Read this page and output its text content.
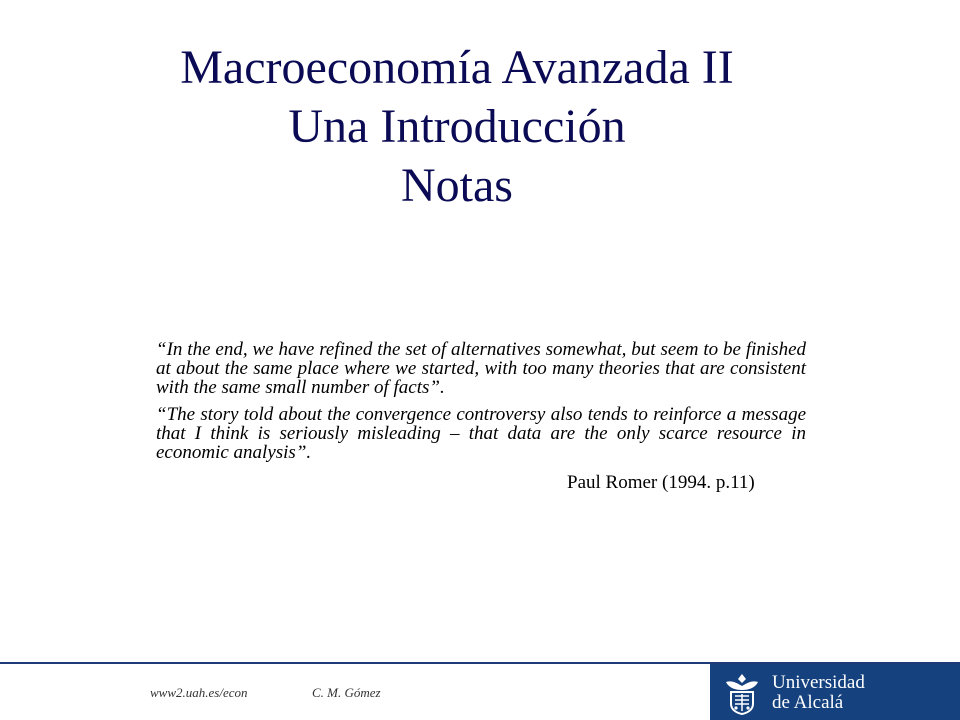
Macroeconomía Avanzada II
Una Introducción
Notas

“In the end, we have refined the set of alternatives somewhat, but seem to be finished at about the same place where we started, with too many theories that are consistent with the same small number of facts”.

“The story told about the convergence controversy also tends to reinforce a message that I think is seriously misleading – that data are the only scarce resource in economic analysis”.

Paul Romer (1994. p.11)
www2.uah.es/econ	C. M. Gómez	Universidad
de Alcalá
